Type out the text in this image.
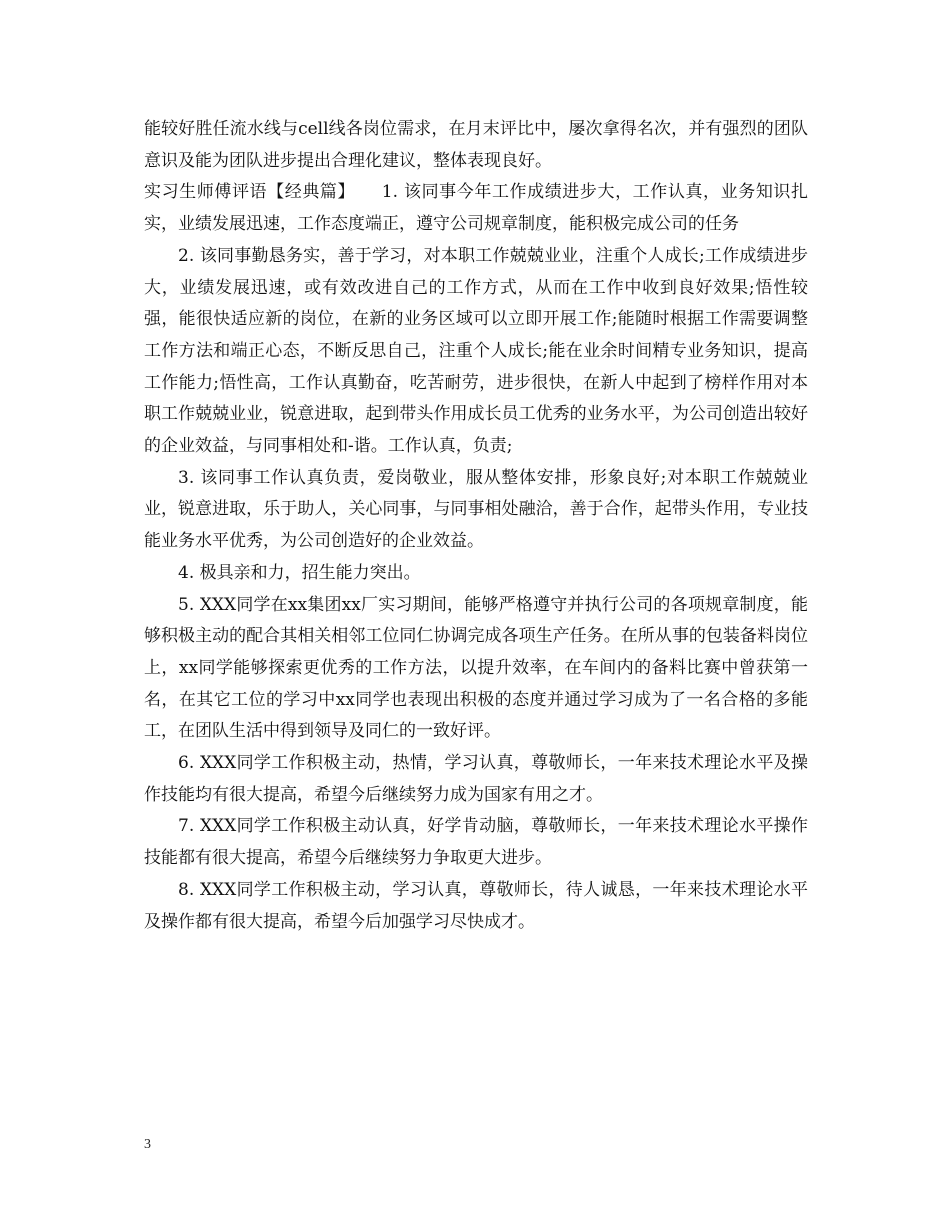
能较好胜任流水线与cell线各岗位需求，在月末评比中，屡次拿得名次，并有强烈的团队意识及能为团队进步提出合理化建议，整体表现良好。

实习生师傅评语【经典篇】　　1. 该同事今年工作成绩进步大，工作认真，业务知识扎实，业绩发展迅速，工作态度端正，遵守公司规章制度，能积极完成公司的任务

2. 该同事勤恳务实，善于学习，对本职工作兢兢业业，注重个人成长;工作成绩进步大，业绩发展迅速，或有效改进自己的工作方式，从而在工作中收到良好效果;悟性较强，能很快适应新的岗位，在新的业务区域可以立即开展工作;能随时根据工作需要调整工作方法和端正心态，不断反思自己，注重个人成长;能在业余时间精专业务知识，提高工作能力;悟性高，工作认真勤奋，吃苦耐劳，进步很快，在新人中起到了榜样作用对本职工作兢兢业业，锐意进取，起到带头作用成长员工优秀的业务水平，为公司创造出较好的企业效益，与同事相处和-谐。工作认真，负责;

3. 该同事工作认真负责，爱岗敬业，服从整体安排，形象良好;对本职工作兢兢业业，锐意进取，乐于助人，关心同事，与同事相处融洽，善于合作，起带头作用，专业技能业务水平优秀，为公司创造好的企业效益。

4. 极具亲和力，招生能力突出。

5. XXX同学在xx集团xx厂实习期间，能够严格遵守并执行公司的各项规章制度，能够积极主动的配合其相关相邻工位同仁协调完成各项生产任务。在所从事的包装备料岗位上，xx同学能够探索更优秀的工作方法，以提升效率，在车间内的备料比赛中曾获第一名，在其它工位的学习中xx同学也表现出积极的态度并通过学习成为了一名合格的多能工，在团队生活中得到领导及同仁的一致好评。

6. XXX同学工作积极主动，热情，学习认真，尊敬师长，一年来技术理论水平及操作技能均有很大提高，希望今后继续努力成为国家有用之才。

7. XXX同学工作积极主动认真，好学肯动脑，尊敬师长，一年来技术理论水平操作技能都有很大提高，希望今后继续努力争取更大进步。

8. XXX同学工作积极主动，学习认真，尊敬师长，待人诚恳，一年来技术理论水平及操作都有很大提高，希望今后加强学习尽快成才。

3
